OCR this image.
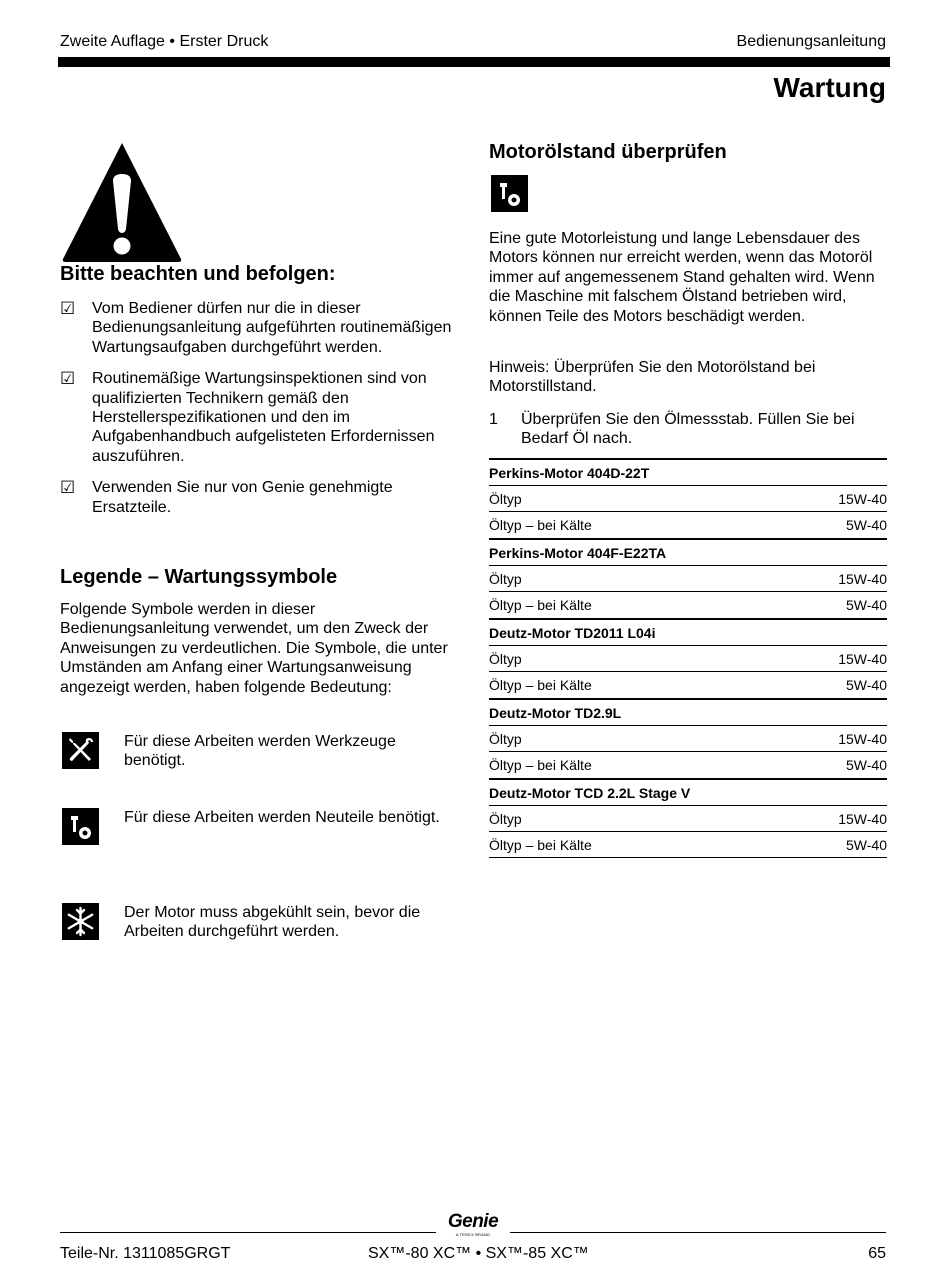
Zweite Auflage • Erster Druck	Bedienungsanleitung
Wartung
Bitte beachten und befolgen:
☑	Vom Bediener dürfen nur die in dieser Bedienungsanleitung aufgeführten routinemäßigen Wartungsaufgaben durchgeführt werden.
☑	Routinemäßige Wartungsinspektionen sind von qualifizierten Technikern gemäß den Herstellerspezifikationen und den im Aufgabenhandbuch aufgelisteten Erfordernissen auszuführen.
☑	Verwenden Sie nur von Genie genehmigte Ersatzteile.
Legende – Wartungssymbole
Folgende Symbole werden in dieser Bedienungsanleitung verwendet, um den Zweck der Anweisungen zu verdeutlichen. Die Symbole, die unter Umständen am Anfang einer Wartungsanweisung angezeigt werden, haben folgende Bedeutung:
Für diese Arbeiten werden Werkzeuge benötigt.
Für diese Arbeiten werden Neuteile benötigt.
Der Motor muss abgekühlt sein, bevor die Arbeiten durchgeführt werden.
Motorölstand überprüfen
Eine gute Motorleistung und lange Lebensdauer des Motors können nur erreicht werden, wenn das Motoröl immer auf angemessenem Stand gehalten wird. Wenn die Maschine mit falschem Ölstand betrieben wird, können Teile des Motors beschädigt werden.
Hinweis: Überprüfen Sie den Motorölstand bei Motorstillstand.
1	Überprüfen Sie den Ölmessstab. Füllen Sie bei Bedarf Öl nach.
Perkins-Motor 404D-22T
Öltyp	15W-40
Öltyp – bei Kälte	5W-40
Perkins-Motor 404F-E22TA
Öltyp	15W-40
Öltyp – bei Kälte	5W-40
Deutz-Motor TD2011 L04i
Öltyp	15W-40
Öltyp – bei Kälte	5W-40
Deutz-Motor TD2.9L
Öltyp	15W-40
Öltyp – bei Kälte	5W-40
Deutz-Motor TCD 2.2L Stage V
Öltyp	15W-40
Öltyp – bei Kälte	5W-40
Genie
A TEREX BRAND
Teile-Nr. 1311085GRGT	SX™-80 XC™ • SX™-85 XC™	65
